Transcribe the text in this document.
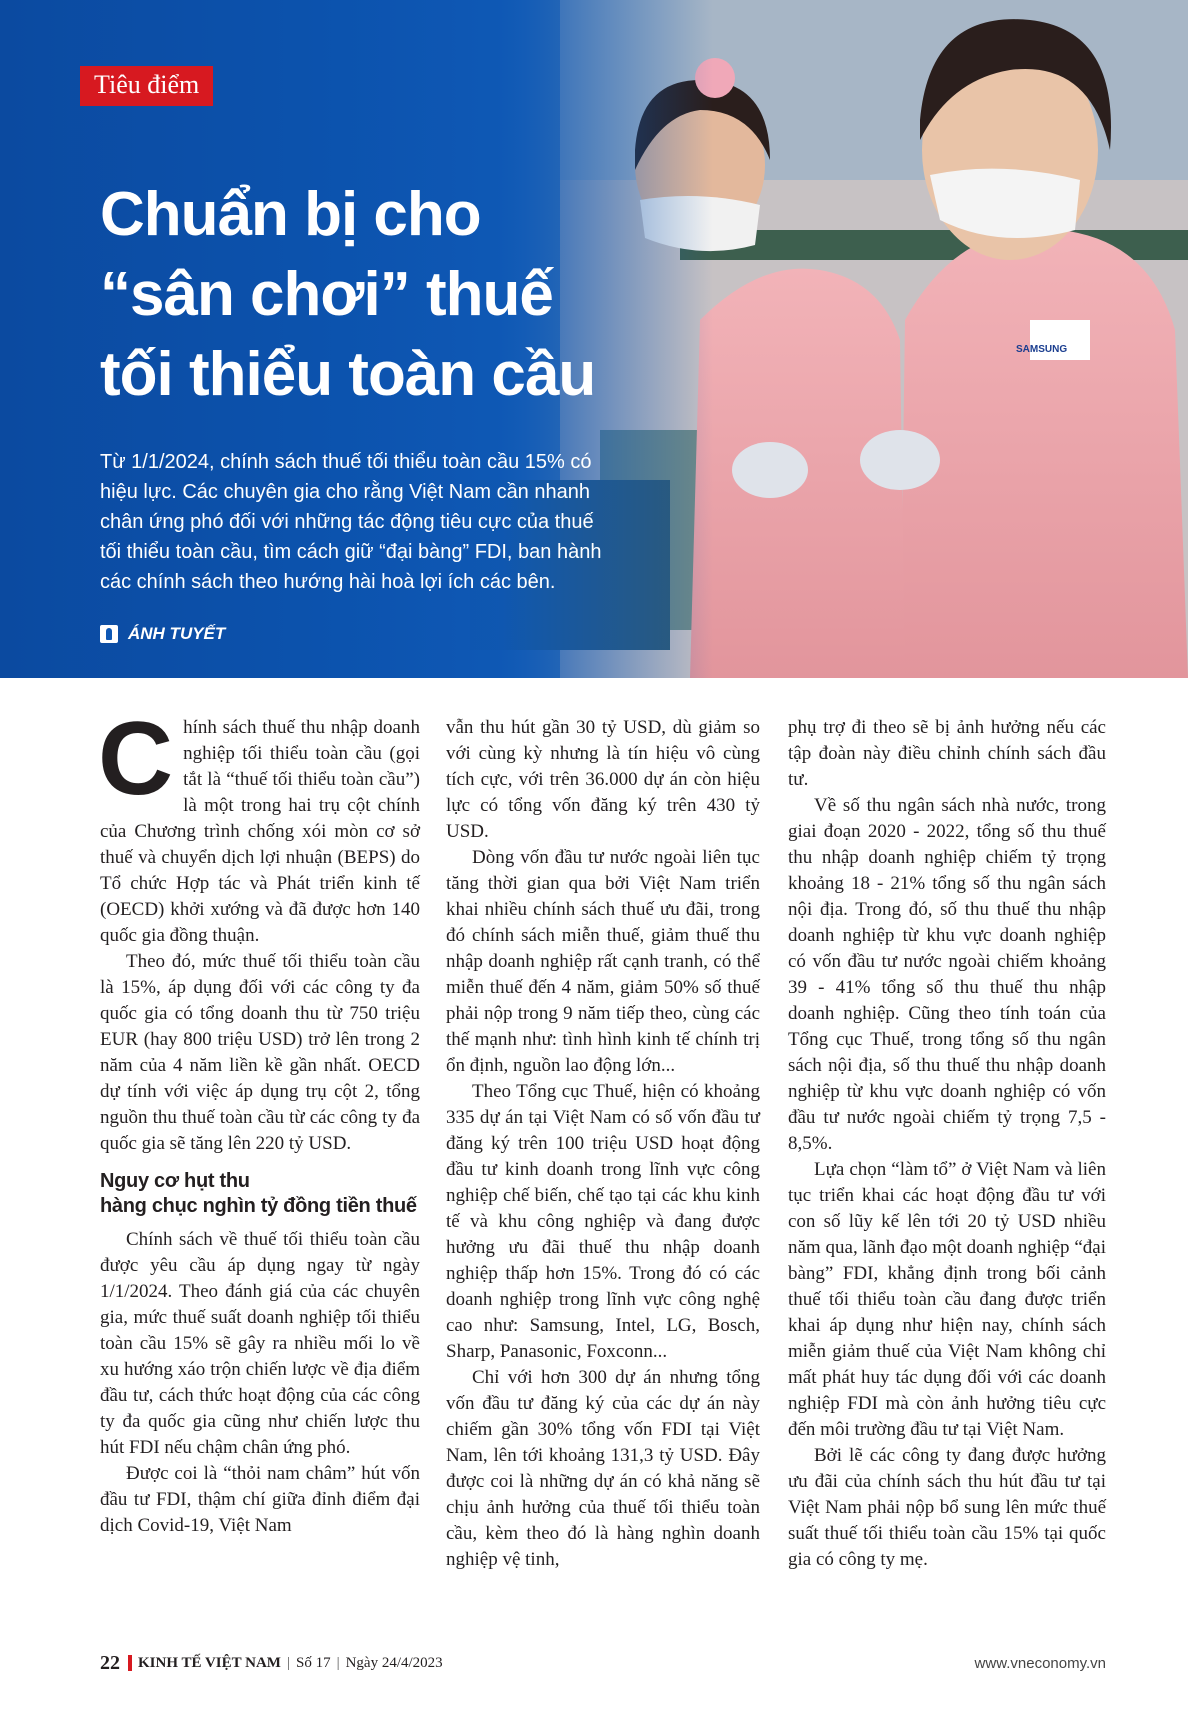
SAMSUNG
Tiêu điểm
Chuẩn bị cho
“sân chơi” thuế
tối thiểu toàn cầu
Từ 1/1/2024, chính sách thuế tối thiểu toàn cầu 15% có hiệu lực. Các chuyên gia cho rằng Việt Nam cần nhanh chân ứng phó đối với những tác động tiêu cực của thuế tối thiểu toàn cầu, tìm cách giữ “đại bàng” FDI, ban hành các chính sách theo hướng hài hoà lợi ích các bên.
ÁNH TUYẾT

Chính sách thuế thu nhập doanh nghiệp tối thiểu toàn cầu (gọi tắt là “thuế tối thiểu toàn cầu”) là một trong hai trụ cột chính của Chương trình chống xói mòn cơ sở thuế và chuyển dịch lợi nhuận (BEPS) do Tổ chức Hợp tác và Phát triển kinh tế (OECD) khởi xướng và đã được hơn 140 quốc gia đồng thuận.

Theo đó, mức thuế tối thiểu toàn cầu là 15%, áp dụng đối với các công ty đa quốc gia có tổng doanh thu từ 750 triệu EUR (hay 800 triệu USD) trở lên trong 2 năm của 4 năm liền kề gần nhất. OECD dự tính với việc áp dụng trụ cột 2, tổng nguồn thu thuế toàn cầu từ các công ty đa quốc gia sẽ tăng lên 220 tỷ USD.

Nguy cơ hụt thu
hàng chục nghìn tỷ đồng tiền thuế

Chính sách về thuế tối thiểu toàn cầu được yêu cầu áp dụng ngay từ ngày 1/1/2024. Theo đánh giá của các chuyên gia, mức thuế suất doanh nghiệp tối thiểu toàn cầu 15% sẽ gây ra nhiều mối lo về xu hướng xáo trộn chiến lược về địa điểm đầu tư, cách thức hoạt động của các công ty đa quốc gia cũng như chiến lược thu hút FDI nếu chậm chân ứng phó.

Được coi là “thỏi nam châm” hút vốn đầu tư FDI, thậm chí giữa đỉnh điểm đại dịch Covid-19, Việt Nam

vẫn thu hút gần 30 tỷ USD, dù giảm so với cùng kỳ nhưng là tín hiệu vô cùng tích cực, với trên 36.000 dự án còn hiệu lực có tổng vốn đăng ký trên 430 tỷ USD.

Dòng vốn đầu tư nước ngoài liên tục tăng thời gian qua bởi Việt Nam triển khai nhiều chính sách thuế ưu đãi, trong đó chính sách miễn thuế, giảm thuế thu nhập doanh nghiệp rất cạnh tranh, có thể miễn thuế đến 4 năm, giảm 50% số thuế phải nộp trong 9 năm tiếp theo, cùng các thế mạnh như: tình hình kinh tế chính trị ổn định, nguồn lao động lớn...

Theo Tổng cục Thuế, hiện có khoảng 335 dự án tại Việt Nam có số vốn đầu tư đăng ký trên 100 triệu USD hoạt động đầu tư kinh doanh trong lĩnh vực công nghiệp chế biến, chế tạo tại các khu kinh tế và khu công nghiệp và đang được hưởng ưu đãi thuế thu nhập doanh nghiệp thấp hơn 15%. Trong đó có các doanh nghiệp trong lĩnh vực công nghệ cao như: Samsung, Intel, LG, Bosch, Sharp, Panasonic, Foxconn...

Chỉ với hơn 300 dự án nhưng tổng vốn đầu tư đăng ký của các dự án này chiếm gần 30% tổng vốn FDI tại Việt Nam, lên tới khoảng 131,3 tỷ USD. Đây được coi là những dự án có khả năng sẽ chịu ảnh hưởng của thuế tối thiểu toàn cầu, kèm theo đó là hàng nghìn doanh nghiệp vệ tinh,

phụ trợ đi theo sẽ bị ảnh hưởng nếu các tập đoàn này điều chỉnh chính sách đầu tư.

Về số thu ngân sách nhà nước, trong giai đoạn 2020 - 2022, tổng số thu thuế thu nhập doanh nghiệp chiếm tỷ trọng khoảng 18 - 21% tổng số thu ngân sách nội địa. Trong đó, số thu thuế thu nhập doanh nghiệp từ khu vực doanh nghiệp có vốn đầu tư nước ngoài chiếm khoảng 39 - 41% tổng số thu thuế thu nhập doanh nghiệp. Cũng theo tính toán của Tổng cục Thuế, trong tổng số thu ngân sách nội địa, số thu thuế thu nhập doanh nghiệp từ khu vực doanh nghiệp có vốn đầu tư nước ngoài chiếm tỷ trọng 7,5 - 8,5%.

Lựa chọn “làm tổ” ở Việt Nam và liên tục triển khai các hoạt động đầu tư với con số lũy kế lên tới 20 tỷ USD nhiều năm qua, lãnh đạo một doanh nghiệp “đại bàng” FDI, khẳng định trong bối cảnh thuế tối thiểu toàn cầu đang được triển khai áp dụng như hiện nay, chính sách miễn giảm thuế của Việt Nam không chỉ mất phát huy tác dụng đối với các doanh nghiệp FDI mà còn ảnh hưởng tiêu cực đến môi trường đầu tư tại Việt Nam.

Bởi lẽ các công ty đang được hưởng ưu đãi của chính sách thu hút đầu tư tại Việt Nam phải nộp bổ sung lên mức thuế suất thuế tối thiểu toàn cầu 15% tại quốc gia có công ty mẹ.

22 KINH TẾ VIỆT NAM | Số 17 | Ngày 24/4/2023	www.vneconomy.vn
